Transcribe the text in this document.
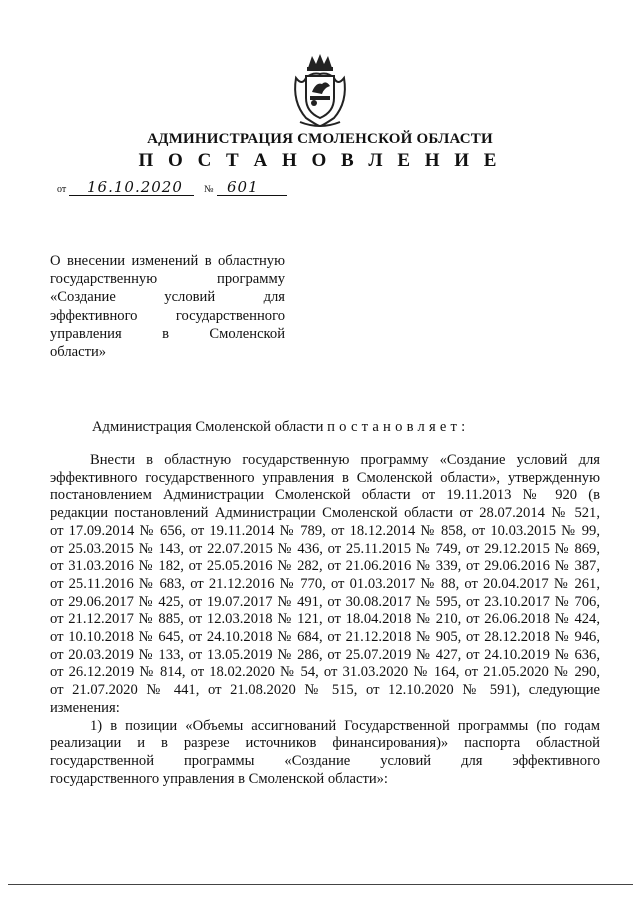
АДМИНИСТРАЦИЯ СМОЛЕНСКОЙ ОБЛАСТИ
П О С Т А Н О В Л Е Н И Е
от 16.10.2020 № 601
О внесении изменений в областную
государственную программу
«Создание условий для
эффективного государственного
управления в Смоленской
области»
Администрация Смоленской области постановляет:
Внести в областную государственную программу «Создание условий для
эффективного государственного управления в Смоленской области», утвержденную
постановлением Администрации Смоленской области от 19.11.2013 № 920 (в
редакции постановлений Администрации Смоленской области от 28.07.2014 № 521,
от 17.09.2014 № 656, от 19.11.2014 № 789, от 18.12.2014 № 858, от 10.03.2015 № 99,
от 25.03.2015 № 143, от 22.07.2015 № 436, от 25.11.2015 № 749, от 29.12.2015 № 869,
от 31.03.2016 № 182, от 25.05.2016 № 282, от 21.06.2016 № 339, от 29.06.2016 № 387,
от 25.11.2016 № 683, от 21.12.2016 № 770, от 01.03.2017 № 88, от 20.04.2017 № 261,
от 29.06.2017 № 425, от 19.07.2017 № 491, от 30.08.2017 № 595, от 23.10.2017 № 706,
от 21.12.2017 № 885, от 12.03.2018 № 121, от 18.04.2018 № 210, от 26.06.2018 № 424,
от 10.10.2018 № 645, от 24.10.2018 № 684, от 21.12.2018 № 905, от 28.12.2018 № 946,
от 20.03.2019 № 133, от 13.05.2019 № 286, от 25.07.2019 № 427, от 24.10.2019 № 636,
от 26.12.2019 № 814, от 18.02.2020 № 54, от 31.03.2020 № 164, от 21.05.2020 № 290,
от 21.07.2020 № 441, от 21.08.2020 № 515, от 12.10.2020 № 591), следующие
изменения:
1) в позиции «Объемы ассигнований Государственной программы (по годам
реализации и в разрезе источников финансирования)» паспорта областной
государственной программы «Создание условий для эффективного
государственного управления в Смоленской области»:
